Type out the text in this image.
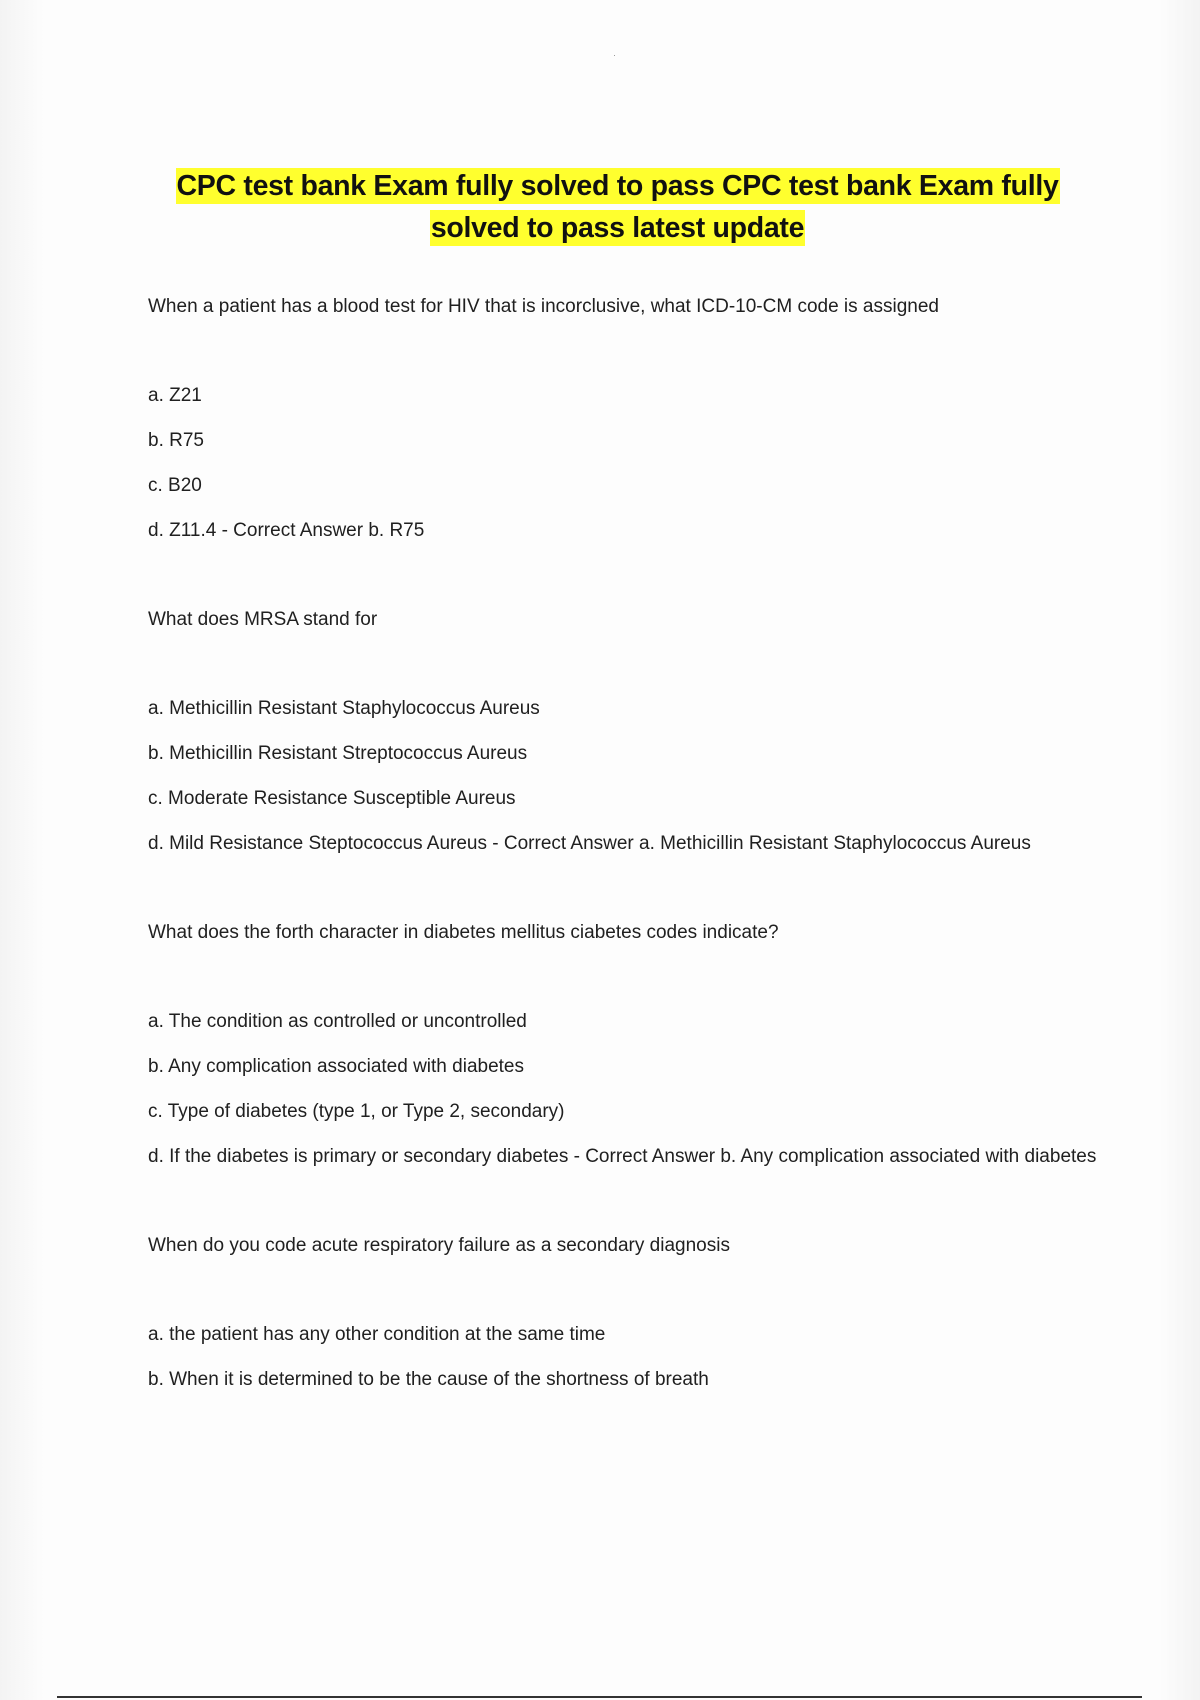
CPC test bank Exam fully solved to pass CPC test bank Exam fully
solved to pass latest update

When a patient has a blood test for HIV that is incorclusive, what ICD-10-CM code is assigned

a. Z21

b. R75

c. B20

d. Z11.4 - Correct Answer b. R75

What does MRSA stand for

a. Methicillin Resistant Staphylococcus Aureus

b. Methicillin Resistant Streptococcus Aureus

c. Moderate Resistance Susceptible Aureus

d. Mild Resistance Steptococcus Aureus - Correct Answer a. Methicillin Resistant Staphylococcus Aureus

What does the forth character in diabetes mellitus ciabetes codes indicate?

a. The condition as controlled or uncontrolled

b. Any complication associated with diabetes

c. Type of diabetes (type 1, or Type 2, secondary)

d. If the diabetes is primary or secondary diabetes - Correct Answer b. Any complication associated with diabetes

When do you code acute respiratory failure as a secondary diagnosis

a. the patient has any other condition at the same time

b. When it is determined to be the cause of the shortness of breath
